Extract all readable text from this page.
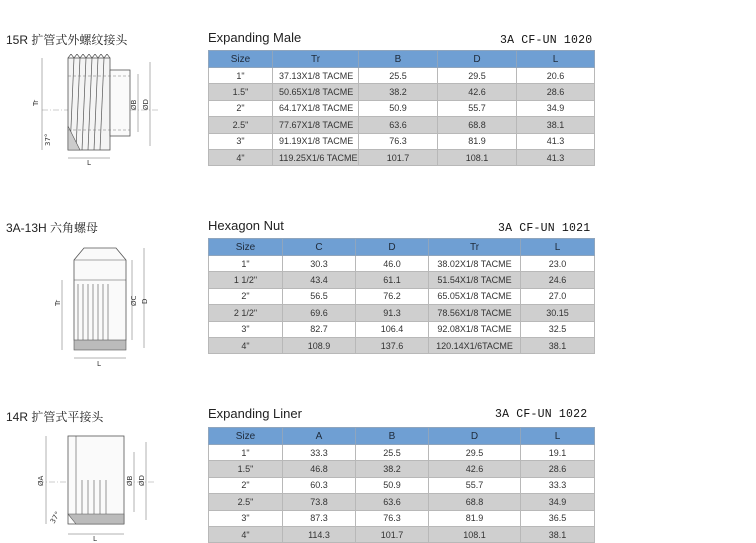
15R 扩管式外螺纹接头	Expanding Male	3A CF-UN 1020
Tr
37°
ØB ØD
L
Size	Tr	B	D	L
1"	37.13X1/8 TACME	25.5	29.5	20.6
1.5"	50.65X1/8 TACME	38.2	42.6	28.6
2"	64.17X1/8 TACME	50.9	55.7	34.9
2.5"	77.67X1/8 TACME	63.6	68.8	38.1
3"	91.19X1/8 TACME	76.3	81.9	41.3
4"	119.25X1/6 TACME	101.7	108.1	41.3
3A-13H 六角螺母	Hexagon Nut	3A CF-UN 1021
Tr	ØC D
L
Size	C	D	Tr	L
1"	30.3	46.0	38.02X1/8 TACME	23.0
1 1/2"	43.4	61.1	51.54X1/8 TACME	24.6
2"	56.5	76.2	65.05X1/8 TACME	27.0
2 1/2"	69.6	91.3	78.56X1/8 TACME	30.15
3"	82.7	106.4	92.08X1/8 TACME	32.5
4"	108.9	137.6	120.14X1/6TACME	38.1
14R 扩管式平接头	Expanding Liner	3A CF-UN 1022
ØA	ØB ØD
37°
L
Size	A	B	D	L
1"	33.3	25.5	29.5	19.1
1.5"	46.8	38.2	42.6	28.6
2"	60.3	50.9	55.7	33.3
2.5"	73.8	63.6	68.8	34.9
3"	87.3	76.3	81.9	36.5
4"	114.3	101.7	108.1	38.1
